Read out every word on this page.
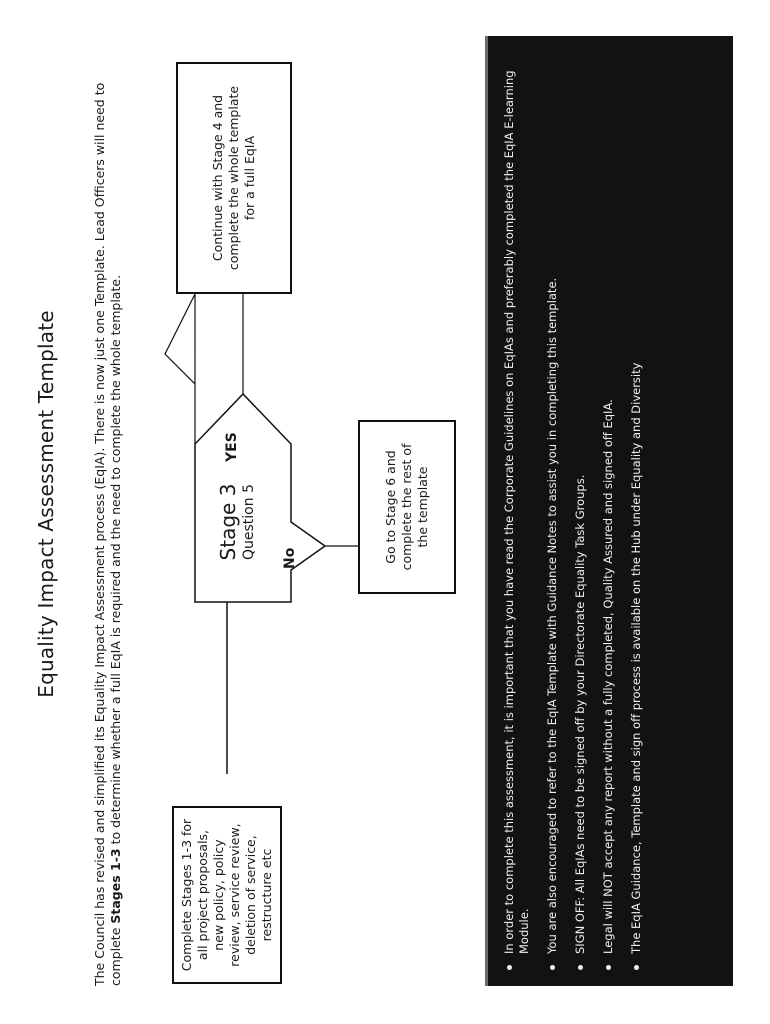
Equality Impact Assessment Template	The Council has revised and simplified its Equality Impact Assessment process (EqIA). There is now just one Template. Lead Officers will need to complete Stages 1-3 to determine whether a full EqIA is required and the need to complete the whole template.
Complete Stages 1-3 for all project proposals, new policy, policy review, service review, deletion of service, restructure etc
Stage 3 Question 5
YES
No
Continue with Stage 4 and complete the whole template for a full EqIA
Go to Stage 6 and complete the rest of the template	In order to complete this assessment, it is important that you have read the Corporate Guidelines on EqIAs and preferably completed the EqIA E-learning Module. You are also encouraged to refer to the EqIA Template with Guidance Notes to assist you in completing this template. SIGN OFF: All EqIAs need to be signed off by your Directorate Equality Task Groups. Legal will NOT accept any report without a fully completed, Quality Assured and signed off EqIA. The EqIA Guidance, Template and sign off process is available on the Hub under Equality and Diversity
